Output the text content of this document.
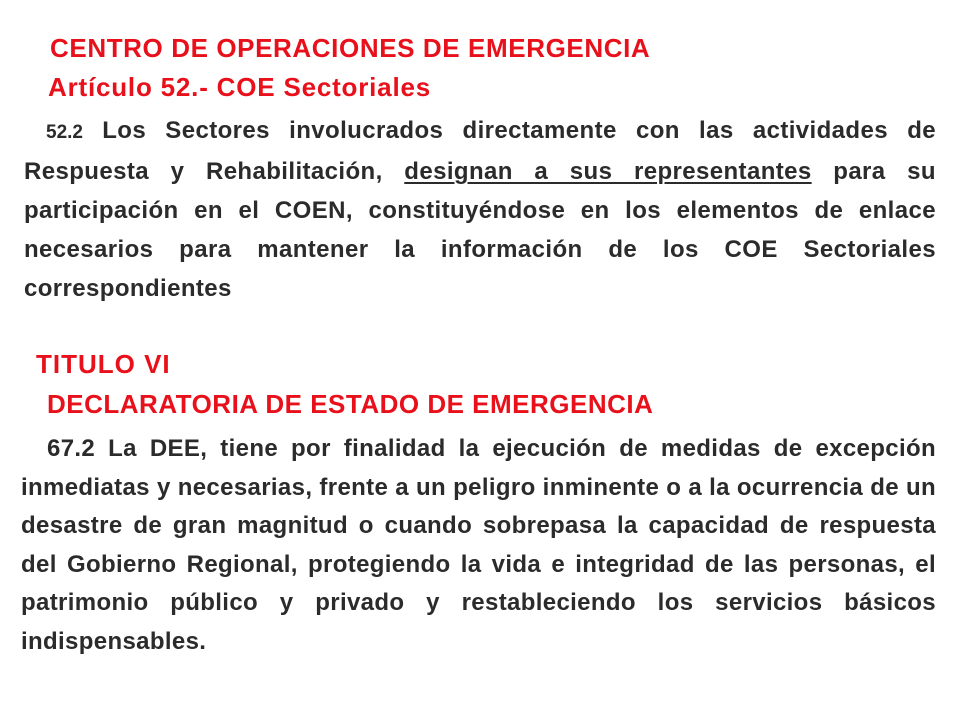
CENTRO DE OPERACIONES DE EMERGENCIA
Artículo 52.- COE Sectoriales

52.2 Los Sectores involucrados directamente con las actividades de Respuesta y Rehabilitación, designan a sus representantes para su participación en el COEN, constituyéndose en los elementos de enlace necesarios para mantener la información de los COE Sectoriales correspondientes

TITULO VI
DECLARATORIA DE ESTADO DE EMERGENCIA

67.2 La DEE, tiene por finalidad la ejecución de medidas de excepción inmediatas y necesarias, frente a un peligro inminente o a la ocurrencia de un desastre de gran magnitud o cuando sobrepasa la capacidad de respuesta del Gobierno Regional, protegiendo la vida e integridad de las personas, el patrimonio público y privado y restableciendo los servicios básicos indispensables.
